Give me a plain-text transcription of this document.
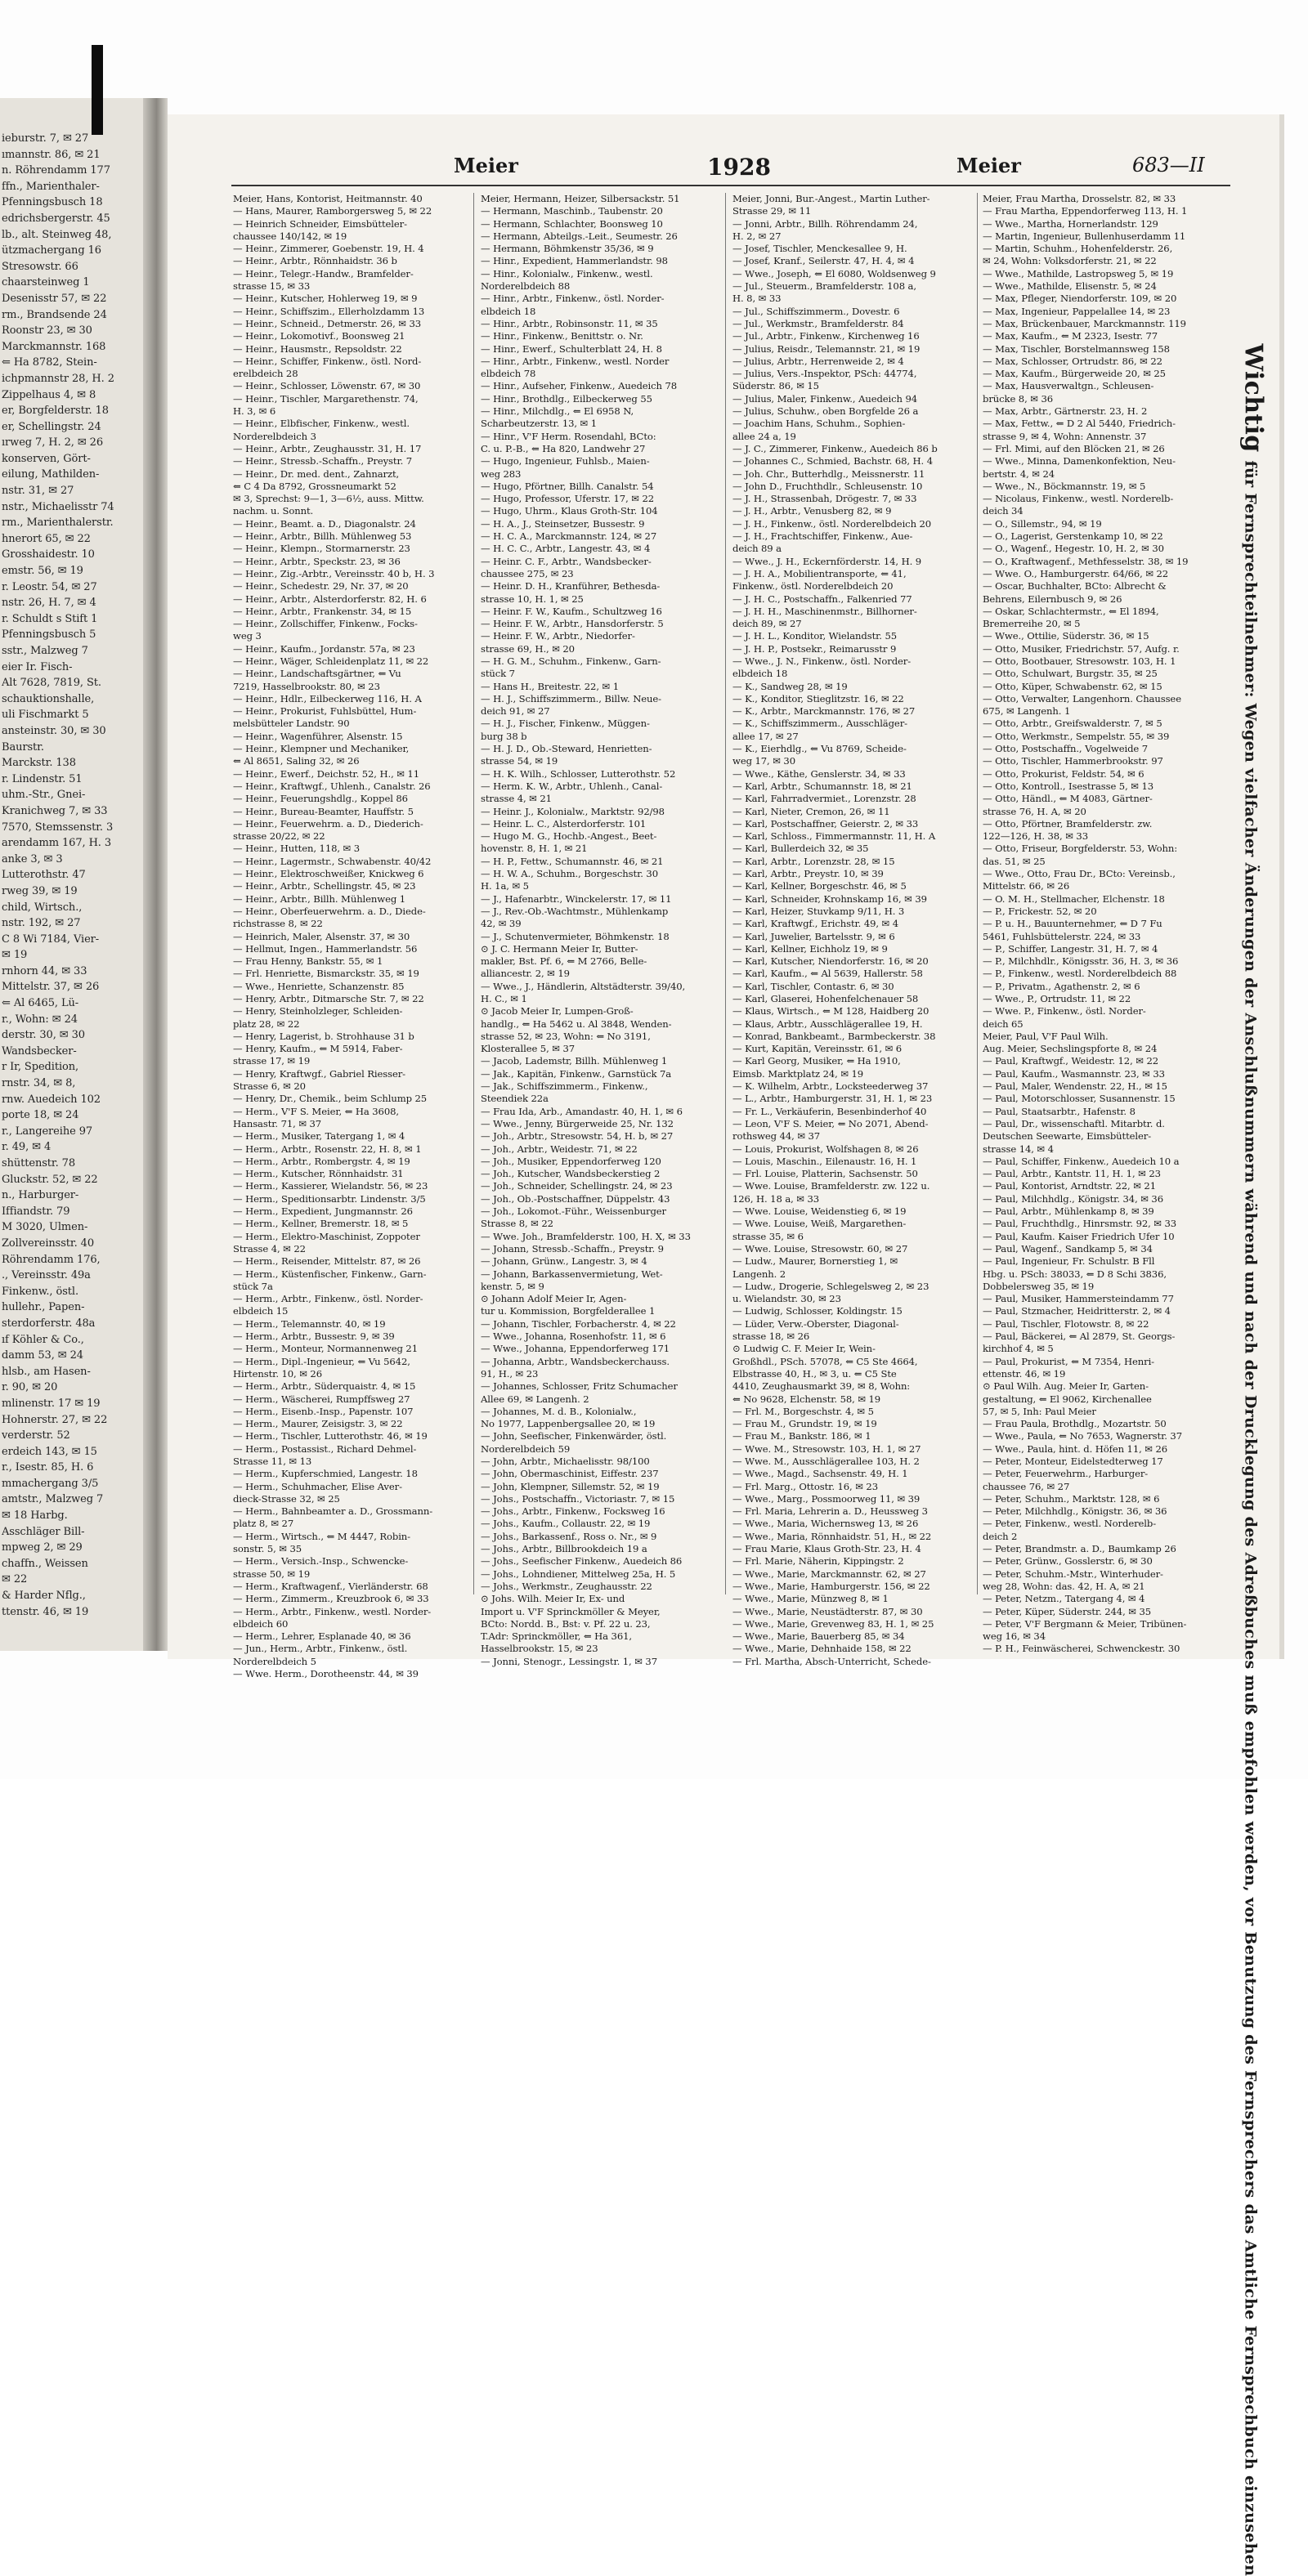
ieburstr. 7, ✉ 27
ımannstr. 86, ✉ 21
n. Röhrendamm 177
ffn., Marienthaler-
Pfenningsbusch 18
edrichsbergerstr. 45
lb., alt. Steinweg 48,
ützmachergang 16
Stresowstr. 66
chaarsteinweg 1
Desenisstr 57, ✉ 22
rm., Brandsende 24
Roonstr 23, ✉ 30
Marckmannstr. 168
⇐ Ha 8782, Stein-
ichpmannstr 28, H. 2
Zippelhaus 4, ✉ 8
er, Borgfelderstr. 18
er, Schellingstr. 24
ırweg 7, H. 2, ✉ 26
konserven, Gört-
eilung, Mathilden-
nstr. 31, ✉ 27
nstr., Michaelisstr 74
rm., Marienthalerstr.
hnerort 65, ✉ 22
Grosshaidestr. 10
emstr. 56, ✉ 19
r. Leostr. 54, ✉ 27
nstr. 26, H. 7, ✉ 4
r. Schuldt s Stift 1
Pfenningsbusch 5
sstr., Malzweg 7
eier Ir. Fisch-
Alt 7628, 7819, St.
schauktionshalle,
uli Fischmarkt 5
ansteinstr. 30, ✉ 30
Baurstr.
Marckstr. 138
r. Lindenstr. 51
uhm.-Str., Gnei-
Kranichweg 7, ✉ 33
7570, Stemssenstr. 3
arendamm 167, H. 3
anke 3, ✉ 3
Lutterothstr. 47
rweg 39, ✉ 19
child, Wirtsch.,
nstr. 192, ✉ 27
C 8 Wi 7184, Vier-
✉ 19
rnhorn 44, ✉ 33
Mittelstr. 37, ✉ 26
⇐ Al 6465, Lü-
r., Wohn: ✉ 24
derstr. 30, ✉ 30
Wandsbecker-
r Ir, Spedition,
rnstr. 34, ✉ 8,
rnw. Auedeich 102
porte 18, ✉ 24
r., Langereihe 97
r. 49, ✉ 4
shüttenstr. 78
Gluckstr. 52, ✉ 22
n., Harburger-
Iffiandstr. 79
M 3020, Ulmen-
Zollvereinsstr. 40
Röhrendamm 176,
., Vereinsstr. 49a
Finkenw., östl.
hullehr., Papen-
sterdorferstr. 48a
ıf Köhler & Co.,
damm 53, ✉ 24
hlsb., am Hasen-
r. 90, ✉ 20
mlinenstr. 17 ✉ 19
Hohnerstr. 27, ✉ 22
verderstr. 52
erdeich 143, ✉ 15
r., Isestr. 85, H. 6
mmachergang 3/5
amtstr., Malzweg 7
✉ 18 Harbg.
Asschläger Bill-
mpweg 2, ✉ 29
chaffn., Weissen
✉ 22
& Harder Nflg.,
ttenstr. 46, ✉ 19
Meier	1928	Meier	683—II
Meier, Hans, Kontorist, Heitmannstr. 40
— Hans, Maurer, Ramborgersweg 5, ✉ 22
— Heinrich Schneider, Eimsbütteler-
chaussee 140/142, ✉ 19
— Heinr., Zimmerer, Goebenstr. 19, H. 4
— Heinr., Arbtr., Rönnhaidstr. 36 b
— Heinr., Telegr.-Handw., Bramfelder-
strasse 15, ✉ 33
— Heinr., Kutscher, Hohlerweg 19, ✉ 9
— Heinr., Schiffszim., Ellerholzdamm 13
— Heinr., Schneid., Detmerstr. 26, ✉ 33
— Heinr., Lokomotivf., Boonsweg 21
— Heinr., Hausmstr., Repsoldstr. 22
— Heinr., Schiffer, Finkenw., östl. Nord-
erelbdeich 28
— Heinr., Schlosser, Löwenstr. 67, ✉ 30
— Heinr., Tischler, Margarethenstr. 74,
H. 3, ✉ 6
— Heinr., Elbfischer, Finkenw., westl.
Norderelbdeich 3
— Heinr., Arbtr., Zeughausstr. 31, H. 17
— Heinr., Stressb.-Schaffn., Preystr. 7
— Heinr., Dr. med. dent., Zahnarzt,
⇐ C 4 Da 8792, Grossneumarkt 52
✉ 3, Sprechst: 9—1, 3—6½, auss. Mittw.
nachm. u. Sonnt.
— Heinr., Beamt. a. D., Diagonalstr. 24
— Heinr., Arbtr., Billh. Mühlenweg 53
— Heinr., Klempn., Stormarnerstr. 23
— Heinr., Arbtr., Speckstr. 23, ✉ 36
— Heinr., Zig.-Arbtr., Vereinsstr. 40 b, H. 3
— Heinr., Schedestr. 29, Nr. 37, ✉ 20
— Heinr., Arbtr., Alsterdorferstr. 82, H. 6
— Heinr., Arbtr., Frankenstr. 34, ✉ 15
— Heinr., Zollschiffer, Finkenw., Focks-
weg 3
— Heinr., Kaufm., Jordanstr. 57a, ✉ 23
— Heinr., Wäger, Schleidenplatz 11, ✉ 22
— Heinr., Landschaftsgärtner, ⇐ Vu
7219, Hasselbrookstr. 80, ✉ 23
— Heinr., Hdlr., Eilbeckerweg 116, H. A
— Heinr., Prokurist, Fuhlsbüttel, Hum-
melsbütteler Landstr. 90
— Heinr., Wagenführer, Alsenstr. 15
— Heinr., Klempner und Mechaniker,
⇐ Al 8651, Saling 32, ✉ 26
— Heinr., Ewerf., Deichstr. 52, H., ✉ 11
— Heinr., Kraftwgf., Uhlenh., Canalstr. 26
— Heinr., Feuerungshdlg., Koppel 86
— Heinr., Bureau-Beamter, Hauffstr. 5
— Heinr., Feuerwehrm. a. D., Diederich-
strasse 20/22, ✉ 22
— Heinr., Hutten, 118, ✉ 3
— Heinr., Lagermstr., Schwabenstr. 40/42
— Heinr., Elektroschweißer, Knickweg 6
— Heinr., Arbtr., Schellingstr. 45, ✉ 23
— Heinr., Arbtr., Billh. Mühlenweg 1
— Heinr., Oberfeuerwehrm. a. D., Diede-
richstrasse 8, ✉ 22
— Heinrich, Maler, Alsenstr. 37, ✉ 30
— Hellmut, Ingen., Hammerlandstr. 56
— Frau Henny, Bankstr. 55, ✉ 1
— Frl. Henriette, Bismarckstr. 35, ✉ 19
— Wwe., Henriette, Schanzenstr. 85
— Henry, Arbtr., Ditmarsche Str. 7, ✉ 22
— Henry, Steinholzleger, Schleiden-
platz 28, ✉ 22
— Henry, Lagerist, b. Strohhause 31 b
— Henry, Kaufm., ⇐ M 5914, Faber-
strasse 17, ✉ 19
— Henry, Kraftwgf., Gabriel Riesser-
Strasse 6, ✉ 20
— Henry, Dr., Chemik., beim Schlump 25
— Herm., V'F S. Meier, ⇐ Ha 3608,
Hansastr. 71, ✉ 37
— Herm., Musiker, Tatergang 1, ✉ 4
— Herm., Arbtr., Rosenstr. 22, H. 8, ✉ 1
— Herm., Arbtr., Rombergstr. 4, ✉ 19
— Herm., Kutscher, Rönnhaidstr. 31
— Herm., Kassierer, Wielandstr. 56, ✉ 23
— Herm., Speditionsarbtr. Lindenstr. 3/5
— Herm., Expedient, Jungmannstr. 26
— Herm., Kellner, Bremerstr. 18, ✉ 5
— Herm., Elektro-Maschinist, Zoppoter
Strasse 4, ✉ 22
— Herm., Reisender, Mittelstr. 87, ✉ 26
— Herm., Küstenfischer, Finkenw., Garn-
stück 7a
— Herm., Arbtr., Finkenw., östl. Norder-
elbdeich 15
— Herm., Telemannstr. 40, ✉ 19
— Herm., Arbtr., Bussestr. 9, ✉ 39
— Herm., Monteur, Normannenweg 21
— Herm., Dipl.-Ingenieur, ⇐ Vu 5642,
Hirtenstr. 10, ✉ 26
— Herm., Arbtr., Süderquaistr. 4, ✉ 15
— Herm., Wäscherei, Rumpffsweg 27
— Herm., Eisenb.-Insp., Papenstr. 107
— Herm., Maurer, Zeisigstr. 3, ✉ 22
— Herm., Tischler, Lutterothstr. 46, ✉ 19
— Herm., Postassist., Richard Dehmel-
Strasse 11, ✉ 13
— Herm., Kupferschmied, Langestr. 18
— Herm., Schuhmacher, Elise Aver-
dieck-Strasse 32, ✉ 25
— Herm., Bahnbeamter a. D., Grossmann-
platz 8, ✉ 27
— Herm., Wirtsch., ⇐ M 4447, Robin-
sonstr. 5, ✉ 35
— Herm., Versich.-Insp., Schwencke-
strasse 50, ✉ 19
— Herm., Kraftwagenf., Vierländerstr. 68
— Herm., Zimmerm., Kreuzbrook 6, ✉ 33
— Herm., Arbtr., Finkenw., westl. Norder-
elbdeich 60
— Herm., Lehrer, Esplanade 40, ✉ 36
— Jun., Herm., Arbtr., Finkenw., östl.
Norderelbdeich 5
— Wwe. Herm., Dorotheenstr. 44, ✉ 39
Meier, Hermann, Heizer, Silbersackstr. 51
— Hermann, Maschinb., Taubenstr. 20
— Hermann, Schlachter, Boonsweg 10
— Hermann, Abteilgs.-Leit., Seumestr. 26
— Hermann, Böhmkenstr 35/36, ✉ 9
— Hinr., Expedient, Hammerlandstr. 98
— Hinr., Kolonialw., Finkenw., westl.
Norderelbdeich 88
— Hinr., Arbtr., Finkenw., östl. Norder-
elbdeich 18
— Hinr., Arbtr., Robinsonstr. 11, ✉ 35
— Hinr., Finkenw., Benittstr. o. Nr.
— Hinr., Ewerf., Schulterblatt 24, H. 8
— Hinr., Arbtr., Finkenw., westl. Norder
elbdeich 78
— Hinr., Aufseher, Finkenw., Auedeich 78
— Hinr., Brothdlg., Eilbeckerweg 55
— Hinr., Milchdlg., ⇐ El 6958 N,
Scharbeutzerstr. 13, ✉ 1
— Hinr., V'F Herm. Rosendahl, BCto:
C. u. P.-B., ⇐ Ha 820, Landwehr 27
— Hugo, Ingenieur, Fuhlsb., Maien-
weg 283
— Hugo, Pförtner, Billh. Canalstr. 54
— Hugo, Professor, Uferstr. 17, ✉ 22
— Hugo, Uhrm., Klaus Groth-Str. 104
— H. A., J., Steinsetzer, Bussestr. 9
— H. C. A., Marckmannstr. 124, ✉ 27
— H. C. C., Arbtr., Langestr. 43, ✉ 4
— Heinr. C. F., Arbtr., Wandsbecker-
chaussee 275, ✉ 23
— Heinr. D. H., Kranführer, Bethesda-
strasse 10, H. 1, ✉ 25
— Heinr. F. W., Kaufm., Schultzweg 16
— Heinr. F. W., Arbtr., Hansdorferstr. 5
— Heinr. F. W., Arbtr., Niedorfer-
strasse 69, H., ✉ 20
— H. G. M., Schuhm., Finkenw., Garn-
stück 7
— Hans H., Breitestr. 22, ✉ 1
— H. J., Schiffszimmerm., Billw. Neue-
deich 91, ✉ 27
— H. J., Fischer, Finkenw., Müggen-
burg 38 b
— H. J. D., Ob.-Steward, Henrietten-
strasse 54, ✉ 19
— H. K. Wilh., Schlosser, Lutterothstr. 52
— Herm. K. W., Arbtr., Uhlenh., Canal-
strasse 4, ✉ 21
— Heinr. J., Kolonialw., Marktstr. 92/98
— Heinr. L. C., Alsterdorferstr. 101
— Hugo M. G., Hochb.-Angest., Beet-
hovenstr. 8, H. 1, ✉ 21
— H. P., Fettw., Schumannstr. 46, ✉ 21
— H. W. A., Schuhm., Borgeschstr. 30
H. 1a, ✉ 5
— J., Hafenarbtr., Winckelerstr. 17, ✉ 11
— J., Rev.-Ob.-Wachtmstr., Mühlenkamp
42, ✉ 39
— J., Schutenvermieter, Böhmkenstr. 18
⊙ J. C. Hermann Meier Ir, Butter-
makler, Bst. Pf. 6, ⇐ M 2766, Belle-
alliancestr. 2, ✉ 19
— Wwe., J., Händlerin, Altstädterstr. 39/40,
H. C., ✉ 1
⊙ Jacob Meier Ir, Lumpen-Groß-
handlg., ⇐ Ha 5462 u. Al 3848, Wenden-
strasse 52, ✉ 23, Wohn: ⇐ No 3191,
Klosterallee 5, ✉ 37
— Jacob, Lademstr, Billh. Mühlenweg 1
— Jak., Kapitän, Finkenw., Garnstück 7a
— Jak., Schiffszimmerm., Finkenw.,
Steendiek 22a
— Frau Ida, Arb., Amandastr. 40, H. 1, ✉ 6
— Wwe., Jenny, Bürgerweide 25, Nr. 132
— Joh., Arbtr., Stresowstr. 54, H. b, ✉ 27
— Joh., Arbtr., Weidestr. 71, ✉ 22
— Joh., Musiker, Eppendorferweg 120
— Joh., Kutscher, Wandsbeckerstieg 2
— Joh., Schneider, Schellingstr. 24, ✉ 23
— Joh., Ob.-Postschaffner, Düppelstr. 43
— Joh., Lokomot.-Führ., Weissenburger
Strasse 8, ✉ 22
— Wwe. Joh., Bramfelderstr. 100, H. X, ✉ 33
— Johann, Stressb.-Schaffn., Preystr. 9
— Johann, Grünw., Langestr. 3, ✉ 4
— Johann, Barkassenvermietung, Wet-
kenstr. 5, ✉ 9
⊙ Johann Adolf Meier Ir, Agen-
tur u. Kommission, Borgfelderallee 1
— Johann, Tischler, Forbacherstr. 4, ✉ 22
— Wwe., Johanna, Rosenhofstr. 11, ✉ 6
— Wwe., Johanna, Eppendorferweg 171
— Johanna, Arbtr., Wandsbeckerchauss.
91, H., ✉ 23
— Johannes, Schlosser, Fritz Schumacher
Allee 69, ✉ Langenh. 2
— Johannes, M. d. B., Kolonialw.,
No 1977, Lappenbergsallee 20, ✉ 19
— John, Seefischer, Finkenwärder, östl.
Norderelbdeich 59
— John, Arbtr., Michaelisstr. 98/100
— John, Obermaschinist, Eiffestr. 237
— John, Klempner, Sillemstr. 52, ✉ 19
— Johs., Postschaffn., Victoriastr. 7, ✉ 15
— Johs., Arbtr., Finkenw., Focksweg 16
— Johs., Kaufm., Collaustr. 22, ✉ 19
— Johs., Barkassenf., Ross o. Nr., ✉ 9
— Johs., Arbtr., Billbrookdeich 19 a
— Johs., Seefischer Finkenw., Auedeich 86
— Johs., Lohndiener, Mittelweg 25a, H. 5
— Johs., Werkmstr., Zeughausstr. 22
⊙ Johs. Wilh. Meier Ir, Ex- und
Import u. V'F Sprinckmöller & Meyer,
BCto: Nordd. B., Bst: v. Pf. 22 u. 23,
T.Adr: Sprinckmöller, ⇐ Ha 361,
Hasselbrookstr. 15, ✉ 23
— Jonni, Stenogr., Lessingstr. 1, ✉ 37
Meier, Jonni, Bur.-Angest., Martin Luther-
Strasse 29, ✉ 11
— Jonni, Arbtr., Billh. Röhrendamm 24,
H. 2, ✉ 27
— Josef, Tischler, Menckesallee 9, H.
— Josef, Kranf., Seilerstr. 47, H. 4, ✉ 4
— Wwe., Joseph, ⇐ El 6080, Woldsenweg 9
— Jul., Steuerm., Bramfelderstr. 108 a,
H. 8, ✉ 33
— Jul., Schiffszimmerm., Dovestr. 6
— Jul., Werkmstr., Bramfelderstr. 84
— Jul., Arbtr., Finkenw., Kirchenweg 16
— Julius, Reisdr., Telemannstr. 21, ✉ 19
— Julius, Arbtr., Herrenweide 2, ✉ 4
— Julius, Vers.-Inspektor, PSch: 44774,
Süderstr. 86, ✉ 15
— Julius, Maler, Finkenw., Auedeich 94
— Julius, Schuhw., oben Borgfelde 26 a
— Joachim Hans, Schuhm., Sophien-
allee 24 a, 19
— J. C., Zimmerer, Finkenw., Auedeich 86 b
— Johannes C., Schmied, Bachstr. 68, H. 4
— Joh. Chr., Butterhdlg., Meissnerstr. 11
— John D., Fruchthdlr., Schleusenstr. 10
— J. H., Strassenbah, Drögestr. 7, ✉ 33
— J. H., Arbtr., Venusberg 82, ✉ 9
— J. H., Finkenw., östl. Norderelbdeich 20
— J. H., Frachtschiffer, Finkenw., Aue-
deich 89 a
— Wwe., J. H., Eckernförderstr. 14, H. 9
— J. H. A., Mobilientransporte, ⇐ 41,
Finkenw., östl. Norderelbdeich 20
— J. H. C., Postschaffn., Falkenried 77
— J. H. H., Maschinenmstr., Billhorner-
deich 89, ✉ 27
— J. H. L., Konditor, Wielandstr. 55
— J. H. P., Postsekr., Reimarusstr 9
— Wwe., J. N., Finkenw., östl. Norder-
elbdeich 18
— K., Sandweg 28, ✉ 19
— K., Konditor, Stieglitzstr. 16, ✉ 22
— K., Arbtr., Marckmannstr. 176, ✉ 27
— K., Schiffszimmerm., Ausschläger-
allee 17, ✉ 27
— K., Eierhdlg., ⇐ Vu 8769, Scheide-
weg 17, ✉ 30
— Wwe., Käthe, Genslerstr. 34, ✉ 33
— Karl, Arbtr., Schumannstr. 18, ✉ 21
— Karl, Fahrradvermiet., Lorenzstr. 28
— Karl, Nieter, Cremon, 26, ✉ 11
— Karl, Postschaffner, Geierstr. 2, ✉ 33
— Karl, Schloss., Fimmermannstr. 11, H. A
— Karl, Bullerdeich 32, ✉ 35
— Karl, Arbtr., Lorenzstr. 28, ✉ 15
— Karl, Arbtr., Preystr. 10, ✉ 39
— Karl, Kellner, Borgeschstr. 46, ✉ 5
— Karl, Schneider, Krohnskamp 16, ✉ 39
— Karl, Heizer, Stuvkamp 9/11, H. 3
— Karl, Kraftwgf., Erichstr. 49, ✉ 4
— Karl, Juwelier, Bartelsstr. 9, ✉ 6
— Karl, Kellner, Eichholz 19, ✉ 9
— Karl, Kutscher, Niendorferstr. 16, ✉ 20
— Karl, Kaufm., ⇐ Al 5639, Hallerstr. 58
— Karl, Tischler, Contastr. 6, ✉ 30
— Karl, Glaserei, Hohenfelchenauer 58
— Klaus, Wirtsch., ⇐ M 128, Haidberg 20
— Klaus, Arbtr., Ausschlägerallee 19, H.
— Konrad, Bankbeamt., Barmbeckerstr. 38
— Kurt, Kapitän, Vereinsstr. 61, ✉ 6
— Karl Georg, Musiker, ⇐ Ha 1910,
Eimsb. Marktplatz 24, ✉ 19
— K. Wilhelm, Arbtr., Locksteederweg 37
— L., Arbtr., Hamburgerstr. 31, H. 1, ✉ 23
— Fr. L., Verkäuferin, Besenbinderhof 40
— Leon, V'F S. Meier, ⇐ No 2071, Abend-
rothsweg 44, ✉ 37
— Louis, Prokurist, Wolfshagen 8, ✉ 26
— Louis, Maschin., Eilenaustr. 16, H. 1
— Frl. Louise, Platterin, Sachsenstr. 50
— Wwe. Louise, Bramfelderstr. zw. 122 u.
126, H. 18 a, ✉ 33
— Wwe. Louise, Weidenstieg 6, ✉ 19
— Wwe. Louise, Weiß, Margarethen-
strasse 35, ✉ 6
— Wwe. Louise, Stresowstr. 60, ✉ 27
— Ludw., Maurer, Bornerstieg 1, ✉
Langenh. 2
— Ludw., Drogerie, Schlegelsweg 2, ✉ 23
u. Wielandstr. 30, ✉ 23
— Ludwig, Schlosser, Koldingstr. 15
— Lüder, Verw.-Oberster, Diagonal-
strasse 18, ✉ 26
⊙ Ludwig C. F. Meier Ir, Wein-
Großhdl., PSch. 57078, ⇐ C5 Ste 4664,
Elbstrasse 40, H., ✉ 3, u. ⇐ C5 Ste
4410, Zeughausmarkt 39, ✉ 8, Wohn:
⇐ No 9628, Elchenstr. 58, ✉ 19
— Frl. M., Borgeschstr. 4, ✉ 5
— Frau M., Grundstr. 19, ✉ 19
— Frau M., Bankstr. 186, ✉ 1
— Wwe. M., Stresowstr. 103, H. 1, ✉ 27
— Wwe. M., Ausschlägerallee 103, H. 2
— Wwe., Magd., Sachsenstr. 49, H. 1
— Frl. Marg., Ottostr. 16, ✉ 23
— Wwe., Marg., Possmoorweg 11, ✉ 39
— Frl. Maria, Lehrerin a. D., Heussweg 3
— Wwe., Maria, Wichernsweg 13, ✉ 26
— Wwe., Maria, Rönnhaidstr. 51, H., ✉ 22
— Frau Marie, Klaus Groth-Str. 23, H. 4
— Frl. Marie, Näherin, Kippingstr. 2
— Wwe., Marie, Marckmannstr. 62, ✉ 27
— Wwe., Marie, Hamburgerstr. 156, ✉ 22
— Wwe., Marie, Münzweg 8, ✉ 1
— Wwe., Marie, Neustädterstr. 87, ✉ 30
— Wwe., Marie, Grevenweg 83, H. 1, ✉ 25
— Wwe., Marie, Bauerberg 85, ✉ 34
— Wwe., Marie, Dehnhaide 158, ✉ 22
— Frl. Martha, Absch-Unterricht, Schede-
Meier, Frau Martha, Drosselstr. 82, ✉ 33
— Frau Martha, Eppendorferweg 113, H. 1
— Wwe., Martha, Hornerlandstr. 129
— Martin, Ingenieur, Bullenhuserdamm 11
— Martin, Schuhm., Hohenfelderstr. 26,
✉ 24, Wohn: Volksdorferstr. 21, ✉ 22
— Wwe., Mathilde, Lastropsweg 5, ✉ 19
— Wwe., Mathilde, Elisenstr. 5, ✉ 24
— Max, Pfleger, Niendorferstr. 109, ✉ 20
— Max, Ingenieur, Pappelallee 14, ✉ 23
— Max, Brückenbauer, Marckmannstr. 119
— Max, Kaufm., ⇐ M 2323, Isestr. 77
— Max, Tischler, Borstelmannsweg 158
— Max, Schlosser, Ortrudstr. 86, ✉ 22
— Max, Kaufm., Bürgerweide 20, ✉ 25
— Max, Hausverwaltgn., Schleusen-
brücke 8, ✉ 36
— Max, Arbtr., Gärtnerstr. 23, H. 2
— Max, Fettw., ⇐ D 2 Al 5440, Friedrich-
strasse 9, ✉ 4, Wohn: Annenstr. 37
— Frl. Mimi, auf den Blöcken 21, ✉ 26
— Wwe., Minna, Damenkonfektion, Neu-
bertstr. 4, ✉ 24
— Wwe., N., Böckmannstr. 19, ✉ 5
— Nicolaus, Finkenw., westl. Norderelb-
deich 34
— O., Sillemstr., 94, ✉ 19
— O., Lagerist, Gerstenkamp 10, ✉ 22
— O., Wagenf., Hegestr. 10, H. 2, ✉ 30
— O., Kraftwagenf., Methfesselstr. 38, ✉ 19
— Wwe. O., Hamburgerstr. 64/66, ✉ 22
— Oscar, Buchhalter, BCto: Albrecht &
Behrens, Eilernbusch 9, ✉ 26
— Oskar, Schlachtermstr., ⇐ El 1894,
Bremerreihe 20, ✉ 5
— Wwe., Ottilie, Süderstr. 36, ✉ 15
— Otto, Musiker, Friedrichstr. 57, Aufg. r.
— Otto, Bootbauer, Stresowstr. 103, H. 1
— Otto, Schulwart, Burgstr. 35, ✉ 25
— Otto, Küper, Schwabenstr. 62, ✉ 15
— Otto, Verwalter, Langenhorn. Chaussee
675, ✉ Langenh. 1
— Otto, Arbtr., Greifswalderstr. 7, ✉ 5
— Otto, Werkmstr., Sempelstr. 55, ✉ 39
— Otto, Postschaffn., Vogelweide 7
— Otto, Tischler, Hammerbrookstr. 97
— Otto, Prokurist, Feldstr. 54, ✉ 6
— Otto, Kontroll., Isestrasse 5, ✉ 13
— Otto, Händl., ⇐ M 4083, Gärtner-
strasse 76, H. A, ✉ 20
— Otto, Pförtner, Bramfelderstr. zw.
122—126, H. 38, ✉ 33
— Otto, Friseur, Borgfelderstr. 53, Wohn:
das. 51, ✉ 25
— Wwe., Otto, Frau Dr., BCto: Vereinsb.,
Mittelstr. 66, ✉ 26
— O. M. H., Stellmacher, Elchenstr. 18
— P., Frickestr. 52, ✉ 20
— P. u. H., Bauunternehmer, ⇐ D 7 Fu
5461, Fuhlsbüttelerstr. 224, ✉ 33
— P., Schiffer, Langestr. 31, H. 7, ✉ 4
— P., Milchhdlr., Königsstr. 36, H. 3, ✉ 36
— P., Finkenw., westl. Norderelbdeich 88
— P., Privatm., Agathenstr. 2, ✉ 6
— Wwe., P., Ortrudstr. 11, ✉ 22
— Wwe. P., Finkenw., östl. Norder-
deich 65
Meier, Paul, V'F Paul Wilh.
Aug. Meier, Sechslingspforte 8, ✉ 24
— Paul, Kraftwgf., Weidestr. 12, ✉ 22
— Paul, Kaufm., Wasmannstr. 23, ✉ 33
— Paul, Maler, Wendenstr. 22, H., ✉ 15
— Paul, Motorschlosser, Susannenstr. 15
— Paul, Staatsarbtr., Hafenstr. 8
— Paul, Dr., wissenschaftl. Mitarbtr. d.
Deutschen Seewarte, Eimsbütteler-
strasse 14, ✉ 4
— Paul, Schiffer, Finkenw., Auedeich 10 a
— Paul, Arbtr., Kantstr. 11, H. 1, ✉ 23
— Paul, Kontorist, Arndtstr. 22, ✉ 21
— Paul, Milchhdlg., Königstr. 34, ✉ 36
— Paul, Arbtr., Mühlenkamp 8, ✉ 39
— Paul, Fruchthdlg., Hinrsmstr. 92, ✉ 33
— Paul, Kaufm. Kaiser Friedrich Ufer 10
— Paul, Wagenf., Sandkamp 5, ✉ 34
— Paul, Ingenieur, Fr. Schulstr. B Fll
Hbg. u. PSch: 38033, ⇐ D 8 Schi 3836,
Dobbelersweg 35, ✉ 19
— Paul, Musiker, Hammersteindamm 77
— Paul, Stzmacher, Heidritterstr. 2, ✉ 4
— Paul, Tischler, Flotowstr. 8, ✉ 22
— Paul, Bäckerei, ⇐ Al 2879, St. Georgs-
kirchhof 4, ✉ 5
— Paul, Prokurist, ⇐ M 7354, Henri-
ettenstr. 46, ✉ 19
⊙ Paul Wilh. Aug. Meier Ir, Garten-
gestaltung, ⇐ El 9062, Kirchenallee
57, ✉ 5, Inh: Paul Meier
— Frau Paula, Brothdlg., Mozartstr. 50
— Wwe., Paula, ⇐ No 7653, Wagnerstr. 37
— Wwe., Paula, hint. d. Höfen 11, ✉ 26
— Peter, Monteur, Eidelstedterweg 17
— Peter, Feuerwehrm., Harburger-
chaussee 76, ✉ 27
— Peter, Schuhm., Marktstr. 128, ✉ 6
— Peter, Milchhdlg., Königstr. 36, ✉ 36
— Peter, Finkenw., westl. Norderelb-
deich 2
— Peter, Brandmstr. a. D., Baumkamp 26
— Peter, Grünw., Gosslerstr. 6, ✉ 30
— Peter, Schuhm.-Mstr., Winterhuder-
weg 28, Wohn: das. 42, H. A, ✉ 21
— Peter, Netzm., Tatergang 4, ✉ 4
— Peter, Küper, Süderstr. 244, ✉ 35
— Peter, V'F Bergmann & Meier, Tribünen-
weg 16, ✉ 34
— P. H., Feinwäscherei, Schwenckestr. 30
Wichtigfür Fernsprechteilnehmer: Wegen vielfacher Änderungen der Anschlußnummern während und nach der Drucklegung des Adreßbuches muß empfohlen werden, vor Benutzung des Fernsprechers das Amtliche Fernsprechbuch einzusehen
